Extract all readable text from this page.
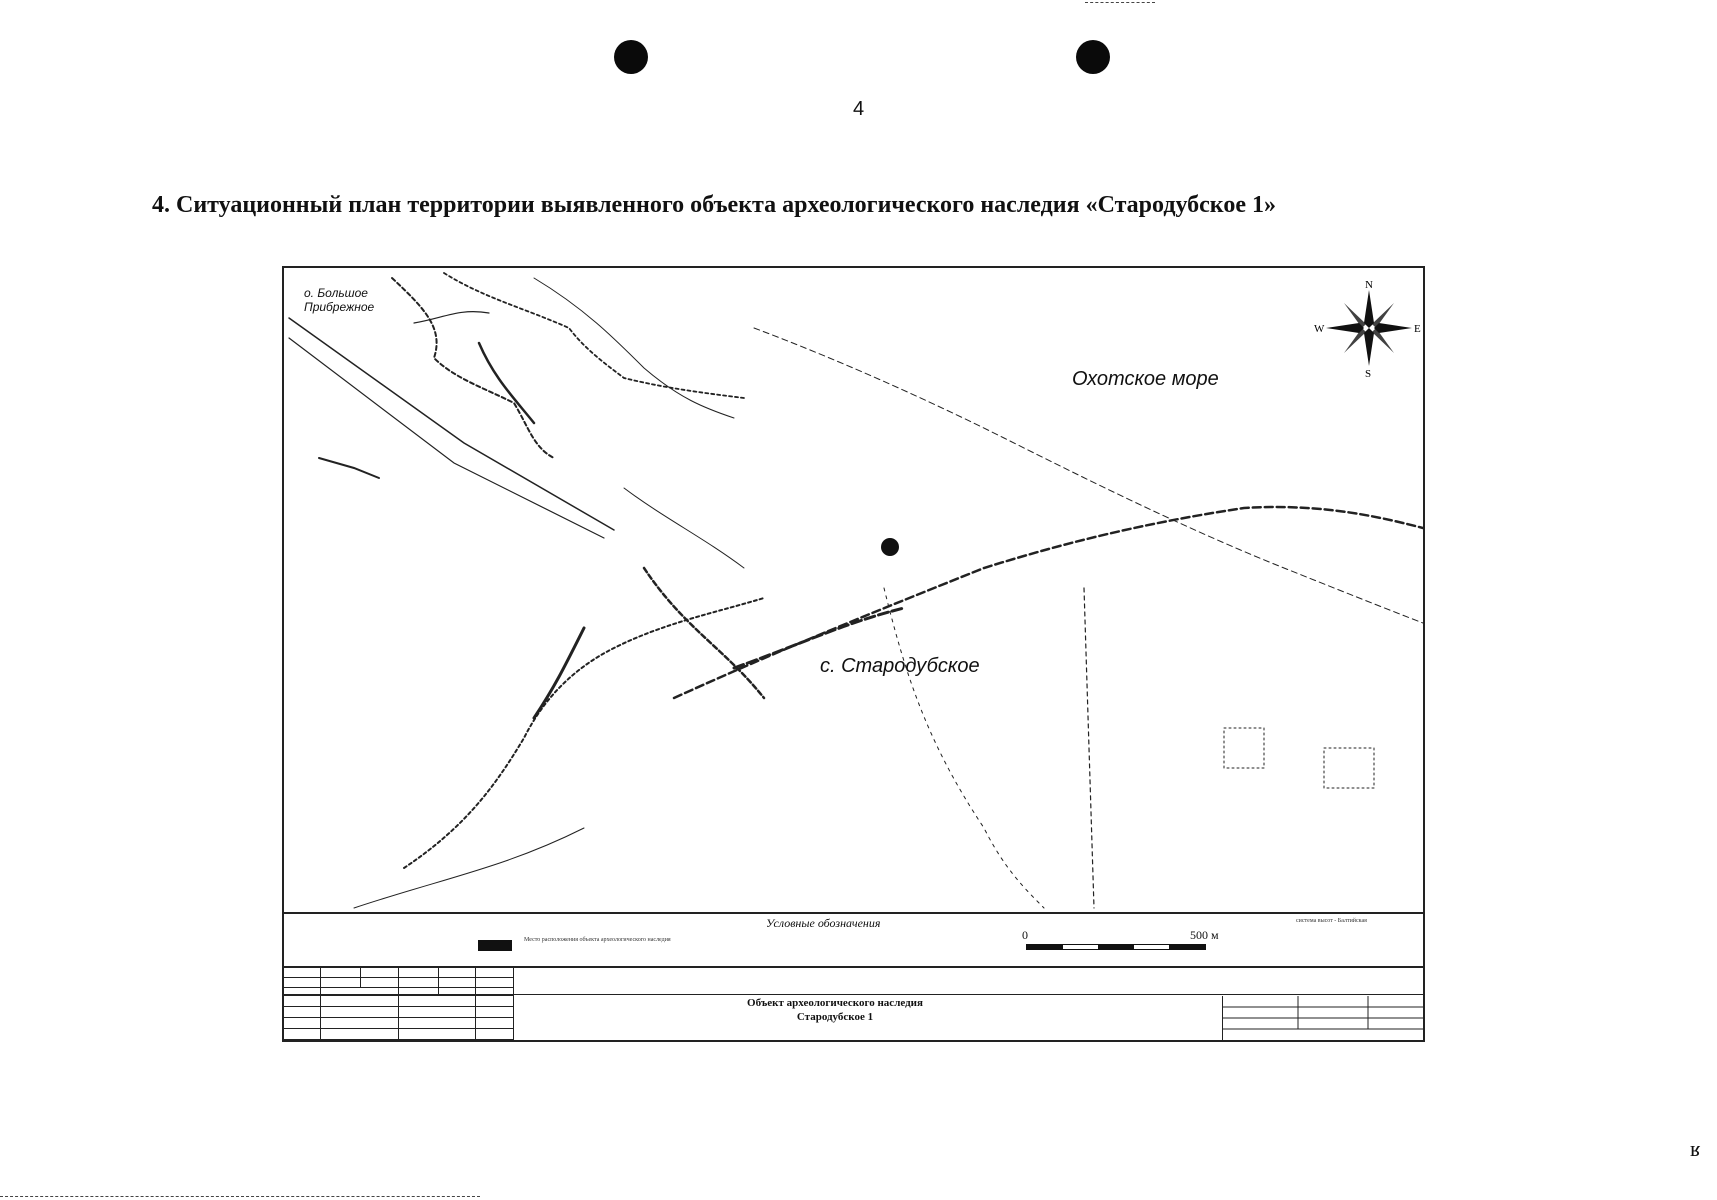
4
4. Ситуационный план территории выявленного объекта археологического наследия «Стародубское 1»
о. Большое Прибрежное
Охотское море
с. Стародубское
N
S
W	E
Условные обозначения
Место расположения объекта археологического наследия	0	500 м
система высот - Балтийская
Объект археологического наследия
Стародубское 1
я
